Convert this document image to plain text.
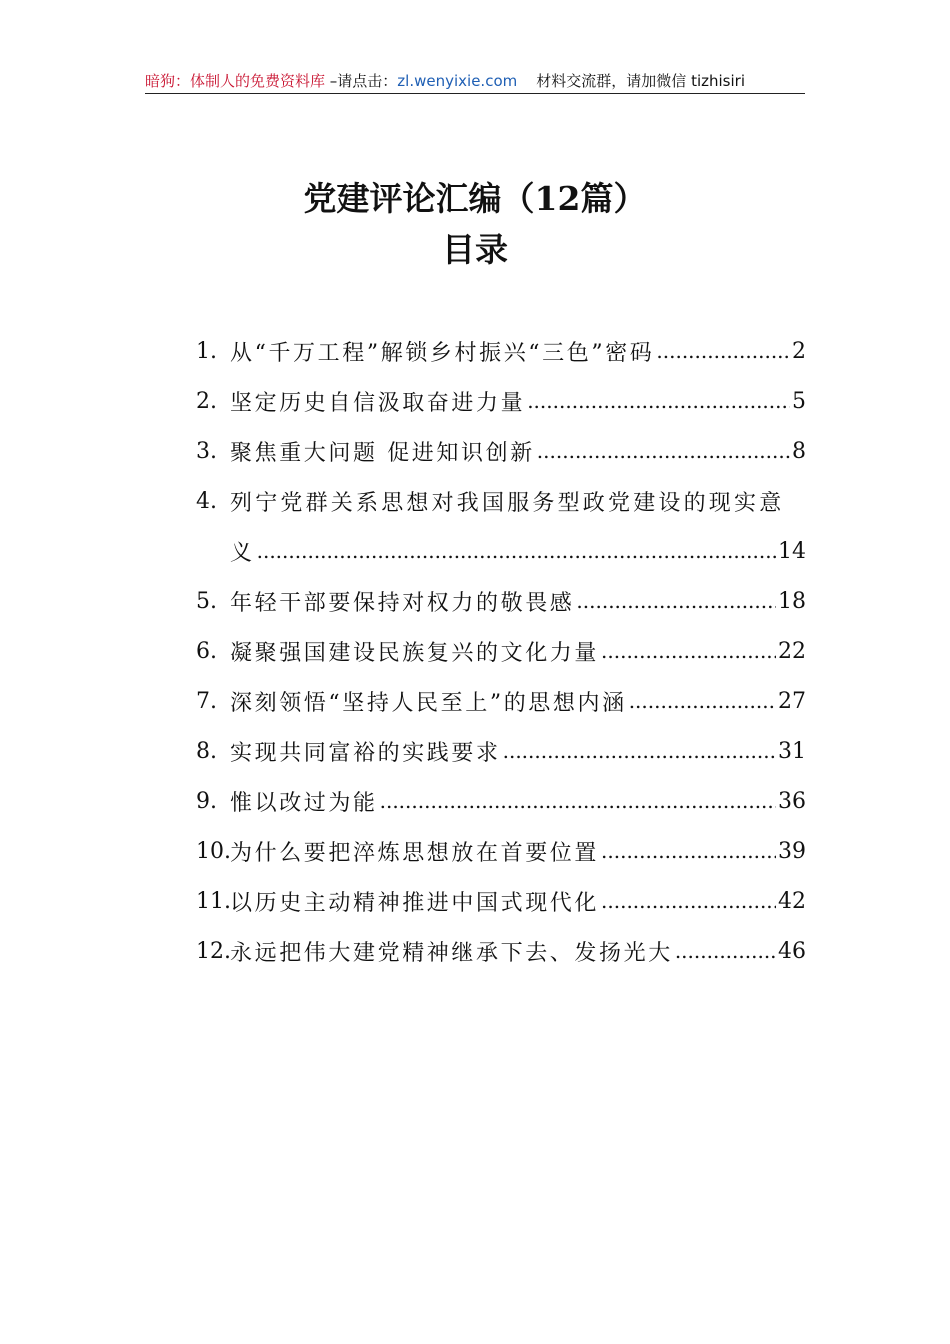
暗狗：体制人的免费资料库 –请点击：zl.wenyixie.com    材料交流群，请加微信 tizhisiri
党建评论汇编（12篇）
目录
1. 从“千万工程”解锁乡村振兴“三色”密码 .....	2
2. 坚定历史自信汲取奋进力量 .....	5
3. 聚焦重大问题 促进知识创新 .....	8
4. 列宁党群关系思想对我国服务型政党建设的现实意
义 .....	14
5. 年轻干部要保持对权力的敬畏感 .....	18
6. 凝聚强国建设民族复兴的文化力量 .....	22
7. 深刻领悟“坚持人民至上”的思想内涵 .....	27
8. 实现共同富裕的实践要求 .....	31
9. 惟以改过为能 .....	36
10. 为什么要把淬炼思想放在首要位置 .....	39
11. 以历史主动精神推进中国式现代化 .....	42
12. 永远把伟大建党精神继承下去、发扬光大 .....	46
